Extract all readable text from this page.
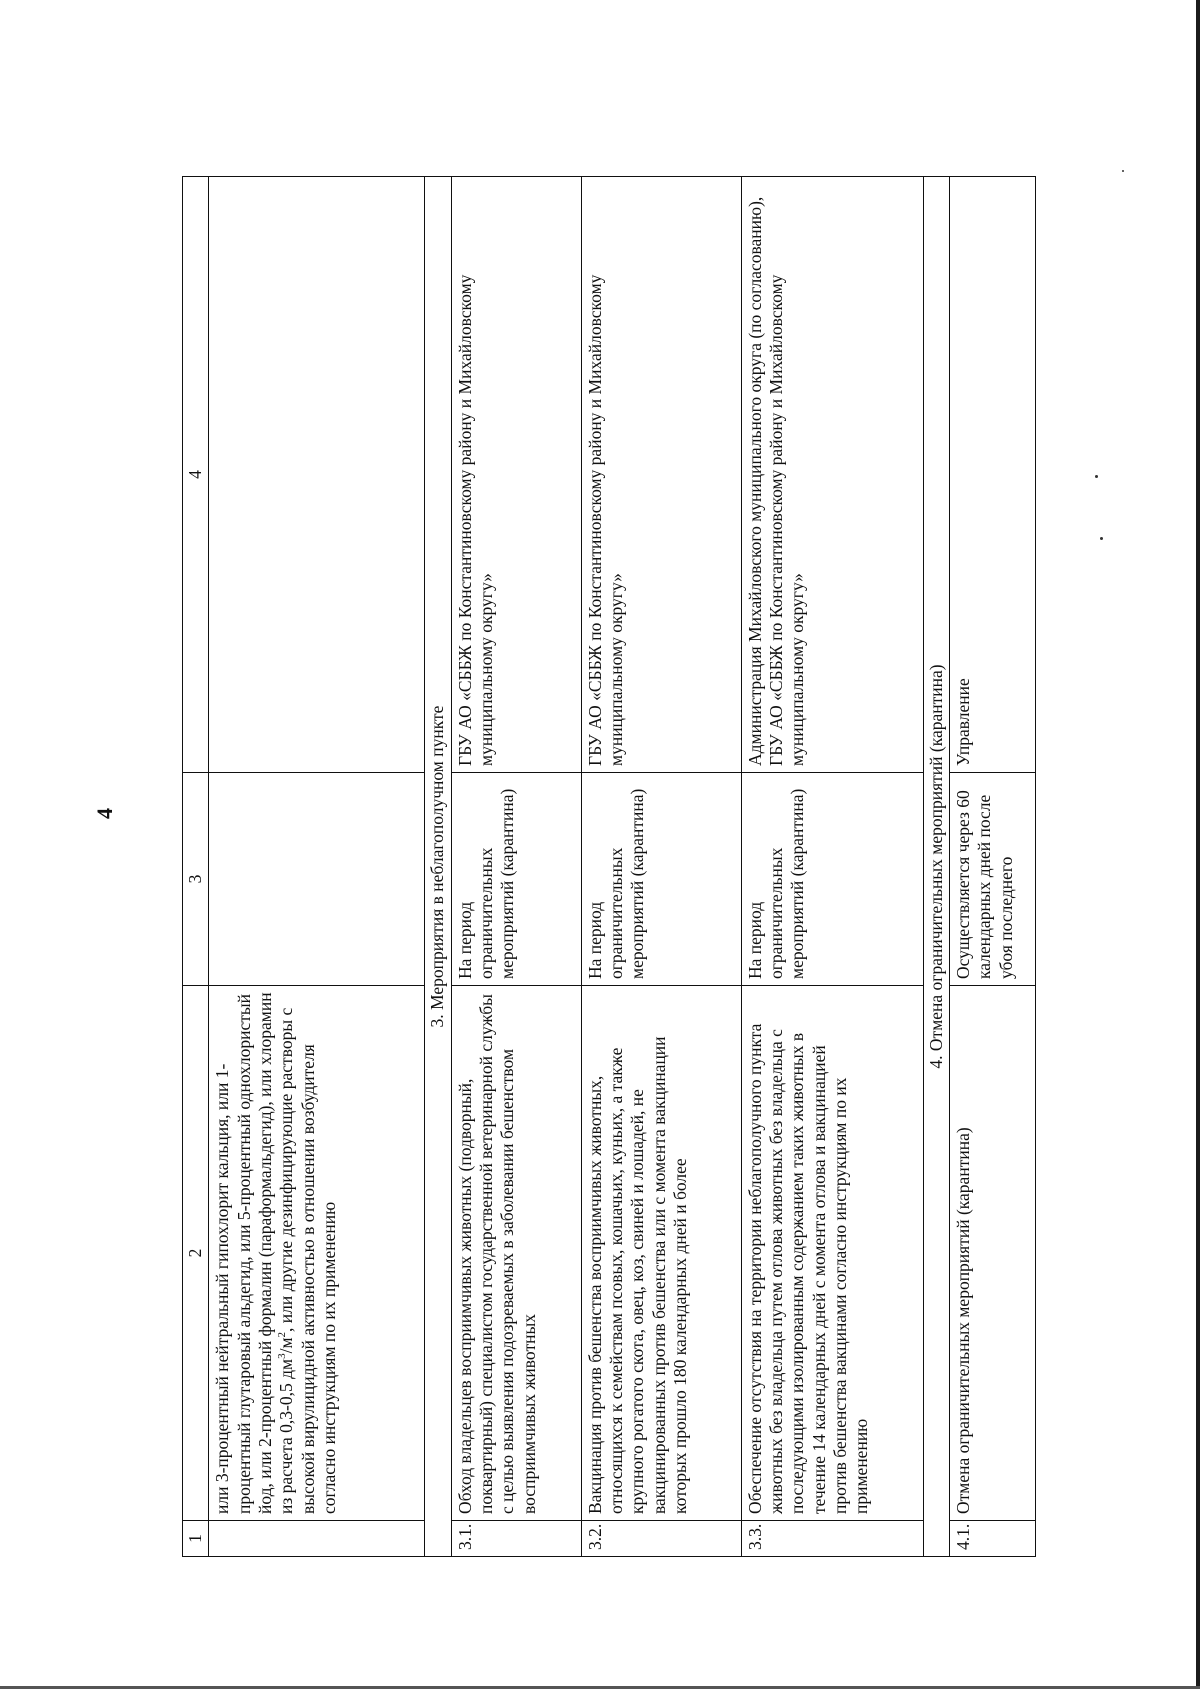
4
1	2	3	4
	или 3-процентный нейтральный гипохлорит кальция, или 1-процентный глутаровый альдегид, или 5-процентный однохлористый йод, или 2-процентный формалин (параформальдегид), или хлорамин из расчета 0,3-0,5 $дм^3/м^2$, или другие дезинфицирующие растворы с высокой вирулицидной активностью в отношении возбудителя согласно инструкциям по их применению		
3. Мероприятия в неблагополучном пункте			
3.1.	Обход владельцев восприимчивых животных (подворный, поквартирный) специалистом государственной ветеринарной службы с целью выявления подозреваемых в заболевании бешенством восприимчивых животных	На период ограничительных мероприятий (карантина)	ГБУ АО «СББЖ по Константиновскому району и Михайловскому муниципальному округу»
3.2.	Вакцинация против бешенства восприимчивых животных, относящихся к семействам псовых, кошачьих, куньих, а также крупного рогатого скота, овец, коз, свиней и лошадей, не вакцинированных против бешенства или с момента вакцинации которых прошло 180 календарных дней и более	На период ограничительных мероприятий (карантина)	ГБУ АО «СББЖ по Константиновскому району и Михайловскому муниципальному округу»
3.3.	Обеспечение отсутствия на территории неблагополучного пункта животных без владельца путем отлова животных без владельца с последующими изолированным содержанием таких животных в течение 14 календарных дней с момента отлова и вакцинацией против бешенства вакцинами согласно инструкциям по их применению	На период ограничительных мероприятий (карантина)	Администрация Михайловского муниципального округа (по согласованию), ГБУ АО «СББЖ по Константиновскому району и Михайловскому муниципальному округу»
4. Отмена ограничительных мероприятий (карантина)			
4.1.	Отмена ограничительных мероприятий (карантина)	Осуществляется через 60 календарных дней после убоя последнего	Управление
